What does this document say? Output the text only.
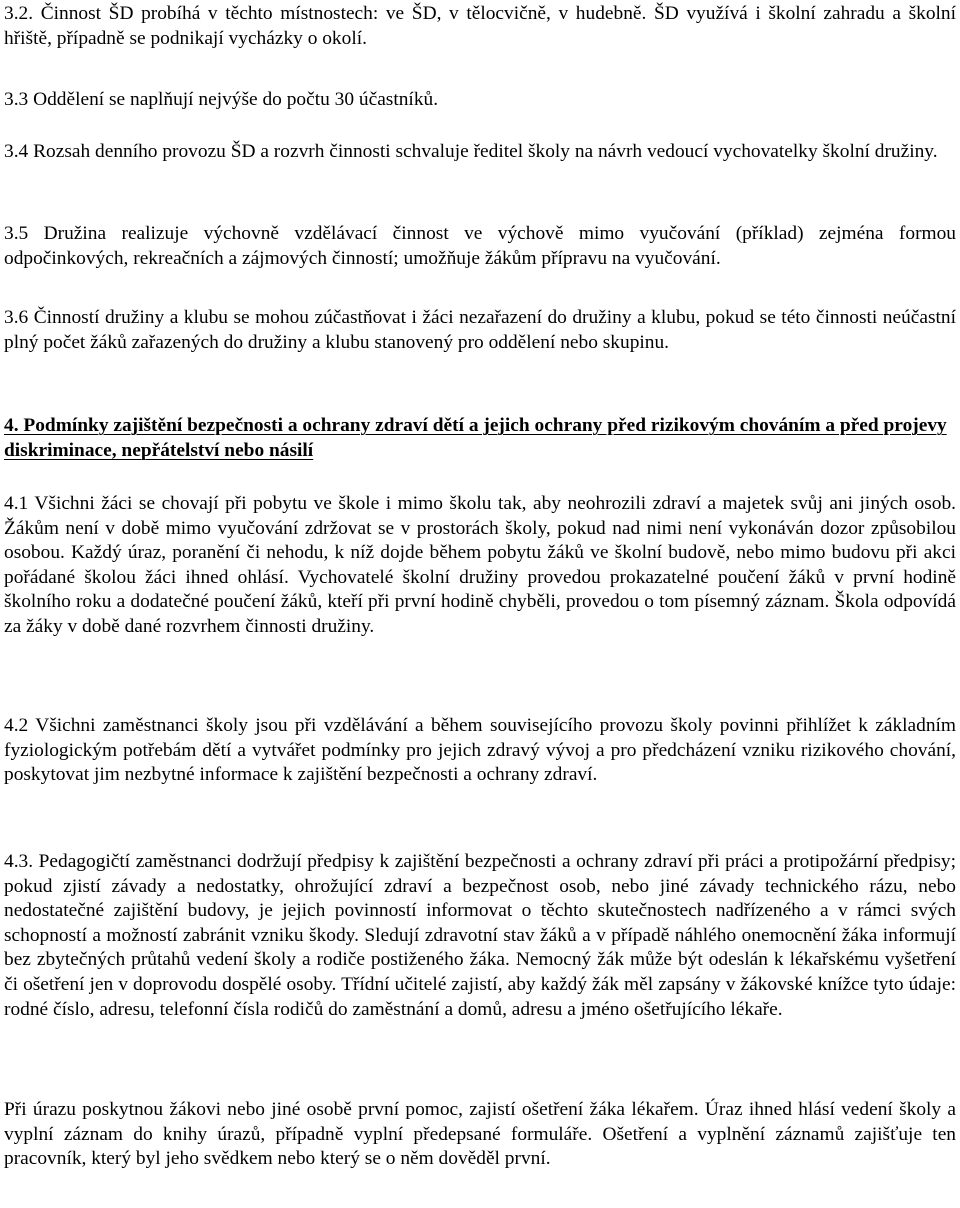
3.2. Činnost ŠD probíhá v těchto místnostech: ve ŠD, v tělocvičně, v hudebně. ŠD využívá i školní zahradu a školní hřiště, případně se podnikají vycházky o okolí.

3.3 Oddělení se naplňují nejvýše do počtu 30 účastníků.

3.4 Rozsah denního provozu ŠD a rozvrh činnosti schvaluje ředitel školy na návrh vedoucí vychovatelky školní družiny.

3.5 Družina realizuje výchovně vzdělávací činnost ve výchově mimo vyučování (příklad) zejména formou odpočinkových, rekreačních a zájmových činností; umožňuje žákům přípravu na vyučování.

3.6 Činností družiny a klubu se mohou zúčastňovat i žáci nezařazení do družiny a klubu, pokud se této činnosti neúčastní plný počet žáků zařazených do družiny a klubu stanovený pro oddělení nebo skupinu.

4. Podmínky zajištění bezpečnosti a ochrany zdraví dětí a jejich ochrany před rizikovým chováním a před projevy diskriminace, nepřátelství nebo násilí

4.1 Všichni žáci se chovají při pobytu ve škole i mimo školu tak, aby neohrozili zdraví a majetek svůj ani jiných osob. Žákům není v době mimo vyučování zdržovat se v prostorách školy, pokud nad nimi není vykonáván dozor způsobilou osobou. Každý úraz, poranění či nehodu, k níž dojde během pobytu žáků ve školní budově, nebo mimo budovu při akci pořádané školou žáci ihned ohlásí. Vychovatelé školní družiny provedou prokazatelné poučení žáků v první hodině školního roku a dodatečné poučení žáků, kteří při první hodině chyběli, provedou o tom písemný záznam. Škola odpovídá za žáky v době dané rozvrhem činnosti družiny.

4.2 Všichni zaměstnanci školy jsou při vzdělávání a během souvisejícího provozu školy povinni přihlížet k základním fyziologickým potřebám dětí a vytvářet podmínky pro jejich zdravý vývoj a pro předcházení vzniku rizikového chování, poskytovat jim nezbytné informace k zajištění bezpečnosti a ochrany zdraví.

4.3. Pedagogičtí zaměstnanci dodržují předpisy k zajištění bezpečnosti a ochrany zdraví při práci a protipožární předpisy; pokud zjistí závady a nedostatky, ohrožující zdraví a bezpečnost osob, nebo jiné závady technického rázu, nebo nedostatečné zajištění budovy, je jejich povinností informovat o těchto skutečnostech nadřízeného a v rámci svých schopností a možností zabránit vzniku škody. Sledují zdravotní stav žáků a v případě náhlého onemocnění žáka informují bez zbytečných průtahů vedení školy a rodiče postiženého žáka. Nemocný žák může být odeslán k lékařskému vyšetření či ošetření jen v doprovodu dospělé osoby. Třídní učitelé zajistí, aby každý žák měl zapsány v žákovské knížce tyto údaje: rodné číslo, adresu, telefonní čísla rodičů do zaměstnání a domů, adresu a jméno ošetřujícího lékaře.

Při úrazu poskytnou žákovi nebo jiné osobě první pomoc, zajistí ošetření žáka lékařem. Úraz ihned hlásí vedení školy a vyplní záznam do knihy úrazů, případně vyplní předepsané formuláře. Ošetření a vyplnění záznamů zajišťuje ten pracovník, který byl jeho svědkem nebo který se o něm dověděl první.
